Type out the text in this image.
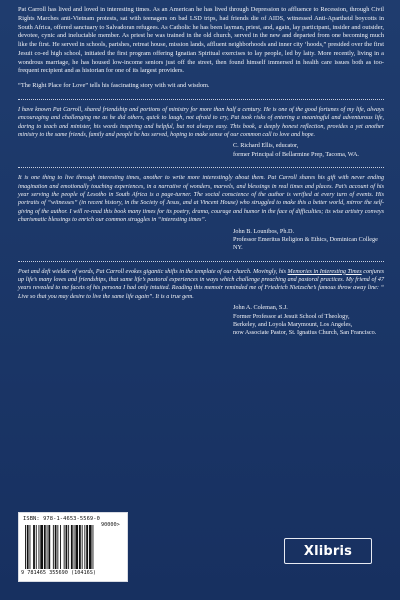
Pat Carroll has lived and loved in interesting times. As an American he has lived through Depression to affluence to Recession, through Civil Rights Marches anti-Vietnam protests, sat with teenagers on bad LSD trips, had friends die of AIDS, witnessed Anti-Apartheid boycotts in South Africa, offered sanctuary to Salvadoran refugees. As Catholic he has been layman, priest, and, again, lay participant, insider and outsider, devotee, cynic and ineluctable member. As priest he was trained in the old church, served in the new and departed from one becoming much like the first. He served in schools, parishes, retreat house, mission lands, affluent neighborhoods and inner city ‘hoods,” presided over the first Jesuit co-ed high school, initiated the first program offering Ignatian Spiritual exercises to lay people, led by laity. More recently, living in a wondrous marriage, he has housed low-income seniors just off the street, then found himself immersed in health care issues both as too-frequent recipient and as historian for one of its largest providers.

“The Right Place for Love” tells his fascinating story with wit and wisdom.

I have known Pat Carroll, shared friendship and portions of ministry for more than half a century. He is one of the good fortunes of my life, always encouraging and challenging me as he did others, quick to laugh, not afraid to cry, Pat took risks of entering a meaningful and adventurous life, daring to teach and minister, his words inspiring and helpful, but not always easy. This book, a deeply honest reflection, provides a yet another ministry to the same friends, family and people he has served, hoping to make sense of our common call to love and hope.

C. Richard Ellis, educator,
former Principal of Bellarmine Prep, Tacoma, WA.

It is one thing to live through interesting times, another to write more interestingly about them. Pat Carroll shares his gift with never ending imagination and emotionally touching experiences, in a narrative of wonders, marvels, and blessings in real times and places. Pat’s account of his year serving the people of Lesotho in South Africa is a page-turner. The social conscience of the author is verified at every turn of events. His portraits of “witnesses” (in recent history, in the Society of Jesus, and at Vincent House) who struggled to make this a better world, mirror the self-giving of the author. I will re-read this book many times for its poetry, drama, courage and humor in the face of difficulties; its wise artistry conveys charismatic blessings to enrich our common struggles in “interesting times”.

John B. Lounibos, Ph.D.
Professor Emeritus Religion & Ethics, Dominican College NY.

Poet and deft wielder of words, Pat Carroll evokes gigantic shifts in the template of our church. Movingly, his Memories in Interesting Times conjures up life’s many loves and friendships, that same life’s pastoral experiences in ways which challenge preaching and pastoral practices. My friend of 47 years revealed to me facets of his persona I had only intuited. Reading this memoir reminded me of Friedrich Nietzsche’s famous throw away line: “ Live so that you may desire to live the same life again”. It is a true gem.

John A. Coleman, S.J.
Former Professor at Jesuit School of Theology,
Berkeley, and Loyola Marymount, Los Angeles,
now Associate Pastor, St. Ignatius Church, San Francisco.
ISBN: 978-1-4653-5569-0
90000>
9 781465 355690 (10416S)
Xlibris
